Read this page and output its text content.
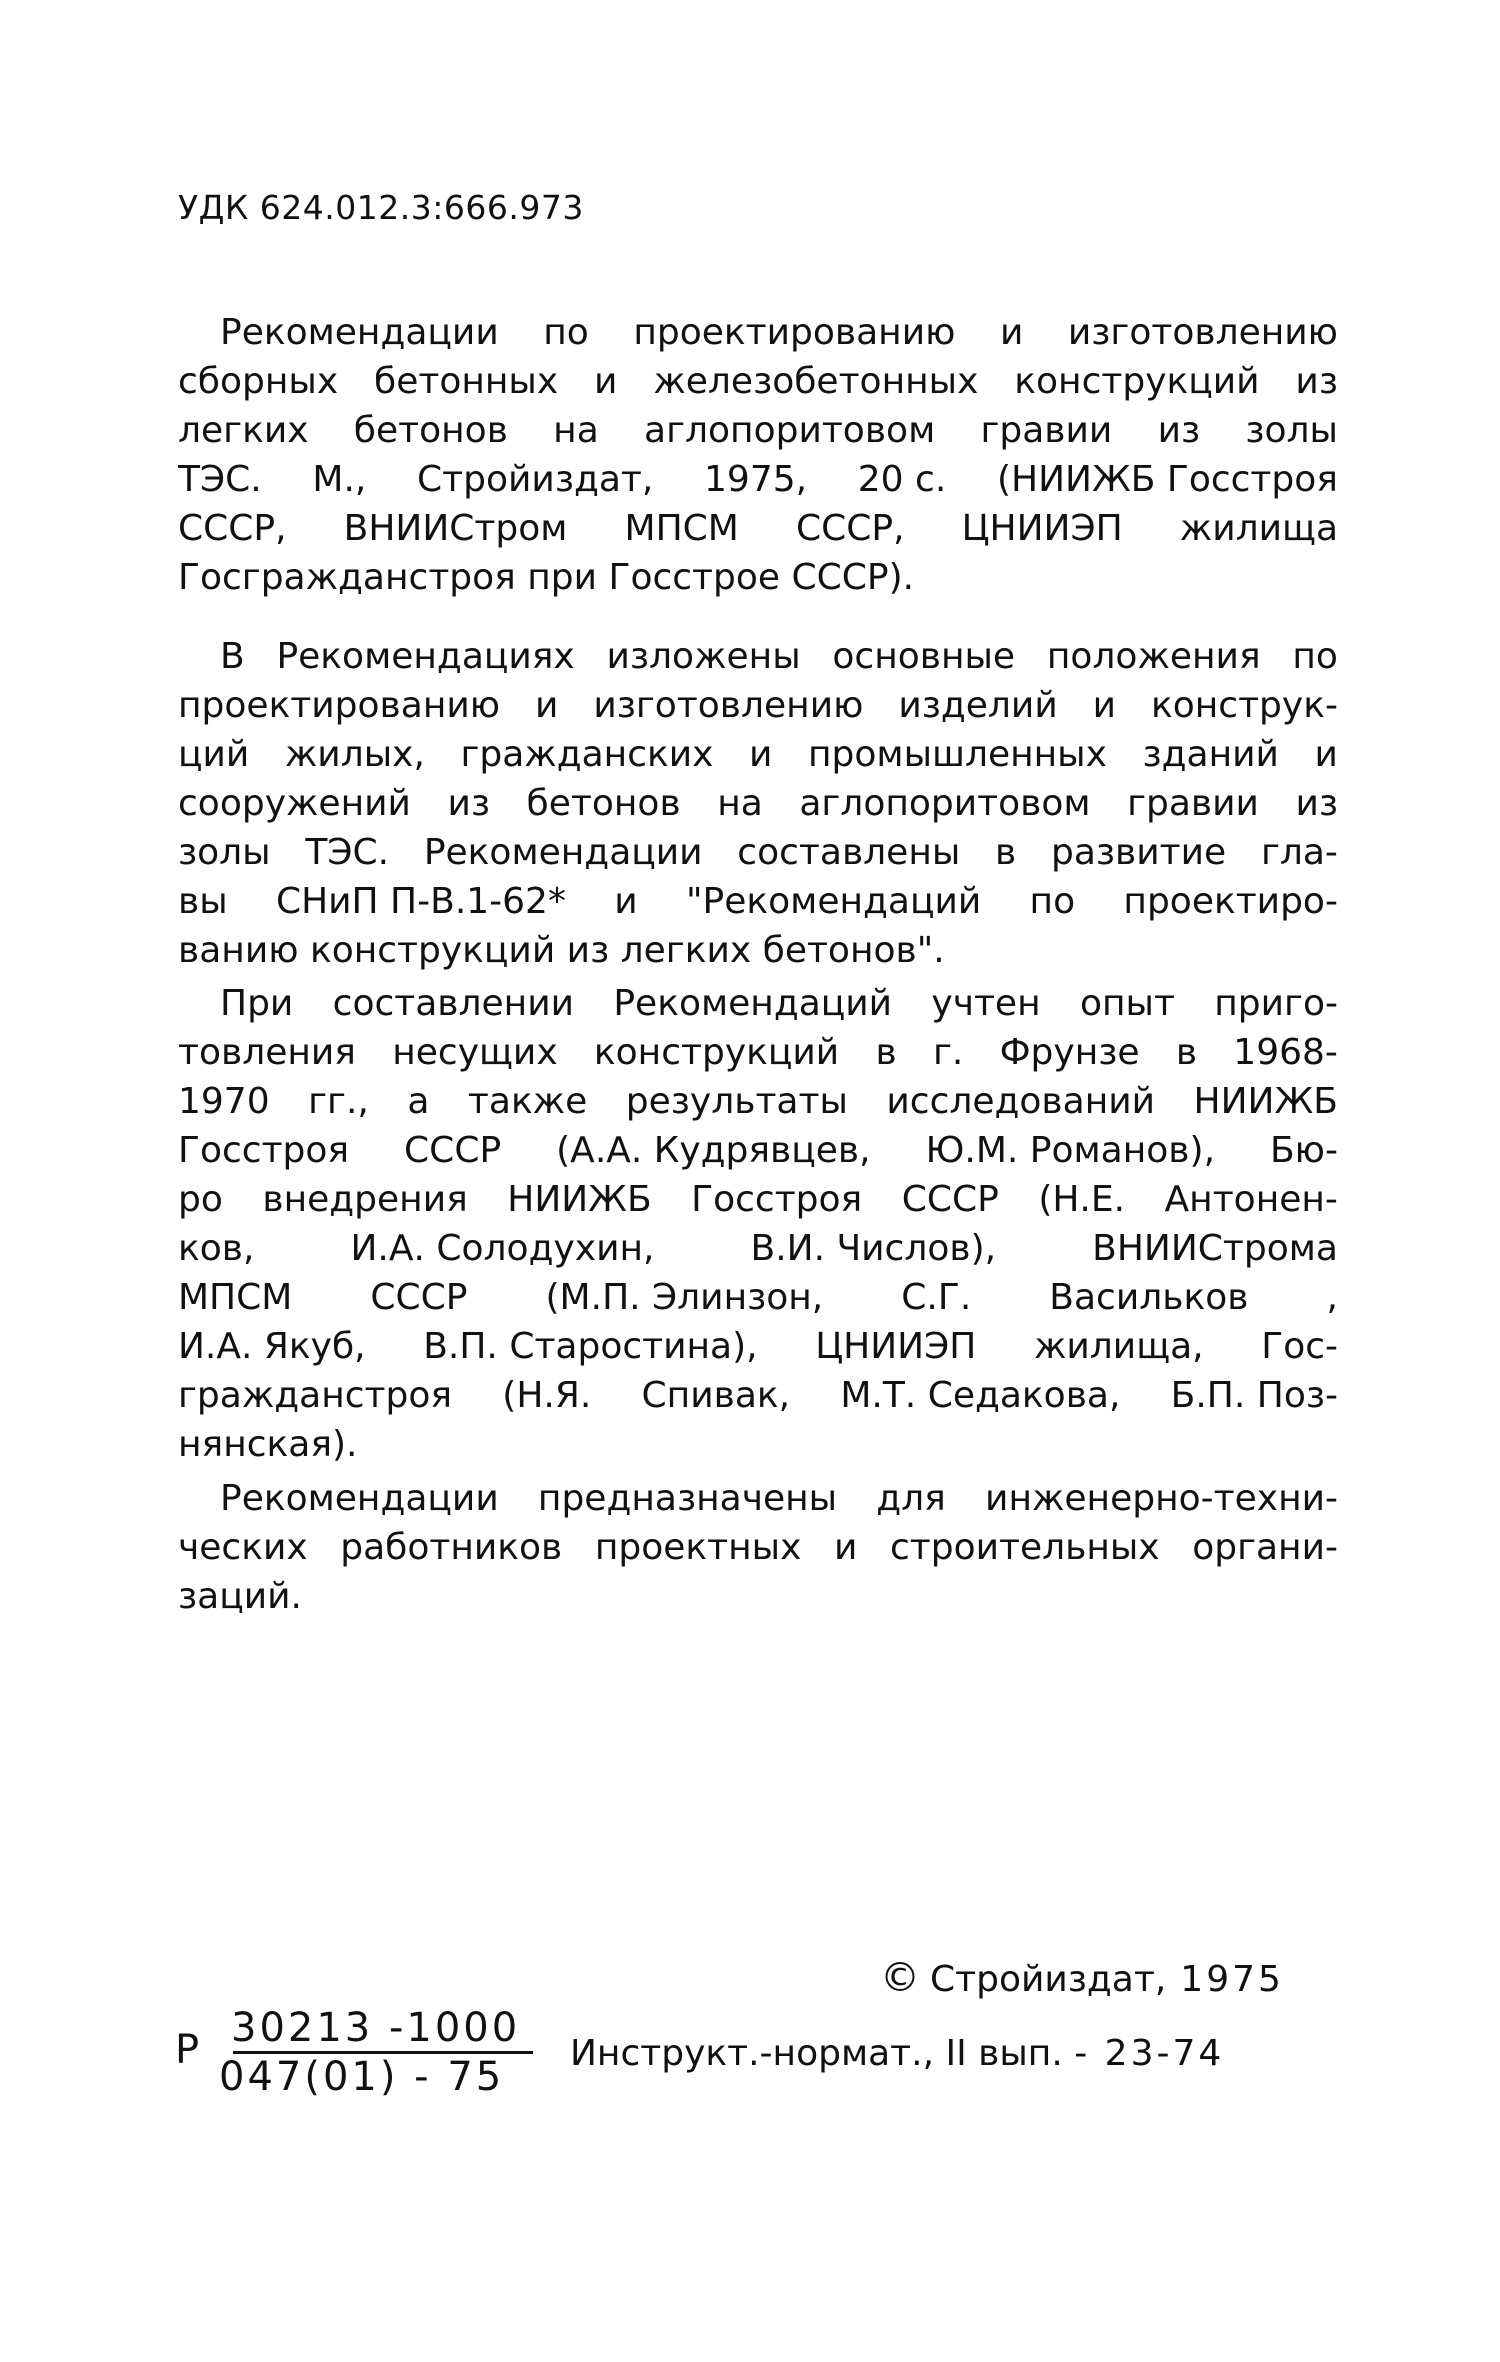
УДК 624.012.3:666.973
Рекомендации по проектированию и изготовлению
сборных бетонных и железобетонных конструкций из
легких бетонов на аглопоритовом гравии из золы
ТЭС. М., Стройиздат, 1975, 20 с. (НИИЖБ Госстроя
СССР, ВНИИСтром МПСМ СССР, ЦНИИЭП жилища
Госгражданстроя при Госстрое СССР).
В Рекомендациях изложены основные положения по
проектированию и изготовлению изделий и конструк-
ций жилых, гражданских и промышленных зданий и
сооружений из бетонов на аглопоритовом гравии из
золы ТЭС. Рекомендации составлены в развитие гла-
вы СНиП П-В.1-62* и "Рекомендаций по проектиро-
ванию конструкций из легких бетонов".
При составлении Рекомендаций учтен опыт приго-
товления несущих конструкций в г. Фрунзе в 1968-
1970 гг., а также результаты исследований НИИЖБ
Госстроя СССР (А.А. Кудрявцев, Ю.М. Романов), Бю-
ро внедрения НИИЖБ Госстроя СССР (Н.Е. Антонен-
ков,	И.А. Солодухин,	В.И. Числов),	ВНИИСтрома
МПСМ СССР (М.П. Элинзон, С.Г. Васильков ,
И.А. Якуб, В.П. Старостина), ЦНИИЭП жилища, Гос-
гражданстроя (Н.Я. Спивак, М.Т. Седакова, Б.П. Поз-
нянская).
Рекомендации предназначены для инженерно-техни-
ческих работников проектных и строительных органи-
заций.
© Стройиздат, 1975
Р 30213 -1000
047(01) - 75
Инструкт.-нормат., II вып. - 23-74
